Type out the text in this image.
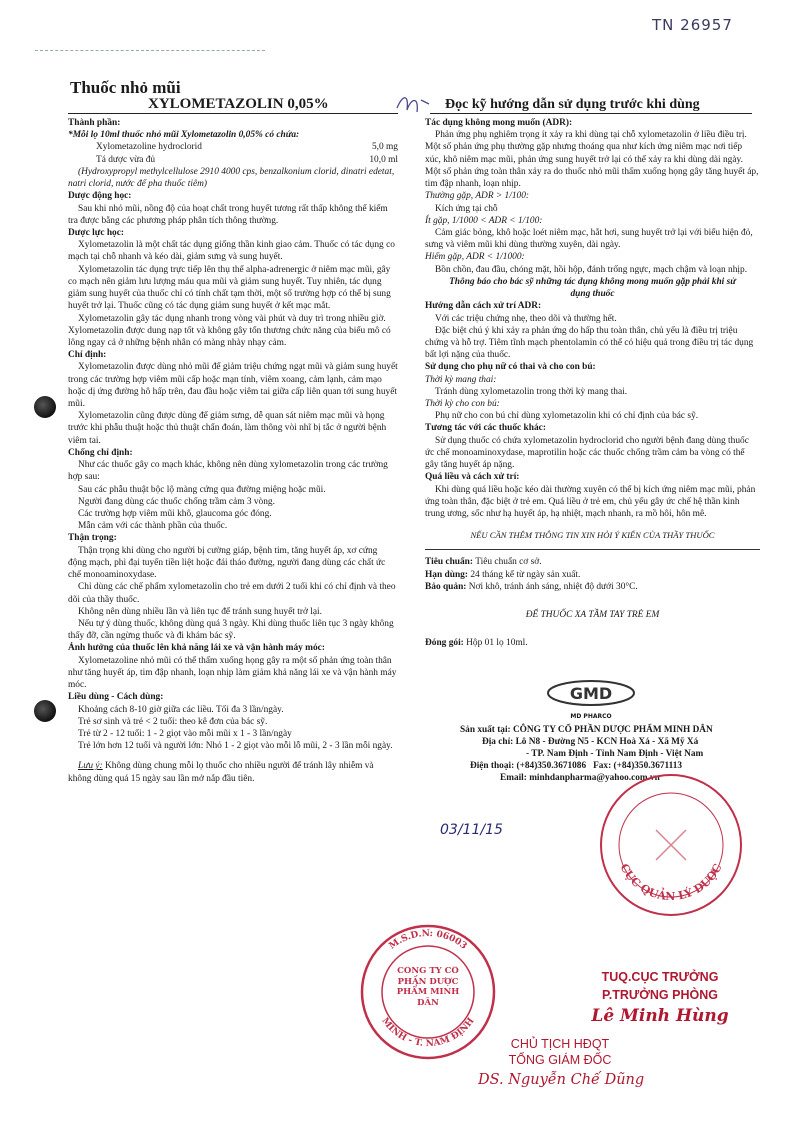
TN 26957
Thuốc nhỏ mũi
XYLOMETAZOLIN 0,05%	Đọc kỹ hướng dẫn sử dụng trước khi dùng

Thành phần:

*Mỗi lọ 10ml thuốc nhỏ mũi Xylometazolin 0,05% có chứa:

Xylometazoline hydroclorid	5,0 mg
Tá dược vừa đủ	10,0 ml

(Hydroxypropyl methylcellulose 2910 4000 cps, benzalkonium clorid, dinatri edetat, natri clorid, nước để pha thuốc tiêm)

Dược động học:

Sau khi nhỏ mũi, nồng độ của hoạt chất trong huyết tương rất thấp không thể kiểm tra được bằng các phương pháp phân tích thông thường.

Dược lực học:

Xylometazolin là một chất tác dụng giống thần kinh giao cảm. Thuốc có tác dụng co mạch tại chỗ nhanh và kéo dài, giảm sưng và sung huyết.

Xylometazolin tác dụng trực tiếp lên thụ thể alpha-adrenergic ở niêm mạc mũi, gây co mạch nên giảm lưu lượng máu qua mũi và giảm sung huyết. Tuy nhiên, tác dụng giảm sung huyết của thuốc chỉ có tính chất tạm thời, một số trường hợp có thể bị sung huyết trở lại. Thuốc cũng có tác dụng giảm sung huyết ở kết mạc mắt.

Xylometazolin gây tác dụng nhanh trong vòng vài phút và duy trì trong nhiều giờ. Xylometazolin được dung nạp tốt và không gây tổn thương chức năng của biểu mô có lông ngay cả ở những bệnh nhân có màng nhày nhạy cảm.

Chỉ định:

Xylometazolin được dùng nhỏ mũi để giảm triệu chứng ngạt mũi và giảm sung huyết trong các trường hợp viêm mũi cấp hoặc mạn tính, viêm xoang, cảm lạnh, cảm mạo hoặc dị ứng đường hô hấp trên, đau đầu hoặc viêm tai giữa cấp liên quan tới sung huyết mũi.

Xylometazolin cũng được dùng để giảm sưng, dễ quan sát niêm mạc mũi và họng trước khi phẫu thuật hoặc thủ thuật chẩn đoán, làm thông vòi nhĩ bị tắc ở người bệnh viêm tai.

Chống chỉ định:

Như các thuốc gây co mạch khác, không nên dùng xylometazolin trong các trường hợp sau:

Sau các phẫu thuật bộc lộ màng cứng qua đường miệng hoặc mũi.

Người đang dùng các thuốc chống trầm cảm 3 vòng.

Các trường hợp viêm mũi khô, glaucoma góc đóng.

Mẫn cảm với các thành phần của thuốc.

Thận trọng:

Thận trọng khi dùng cho người bị cường giáp, bệnh tim, tăng huyết áp, xơ cứng động mạch, phì đại tuyến tiền liệt hoặc đái tháo đường, người đang dùng các chất ức chế monoaminoxydase.

Chỉ dùng các chế phẩm xylometazolin cho trẻ em dưới 2 tuổi khi có chỉ định và theo dõi của thầy thuốc.

Không nên dùng nhiều lần và liên tục để tránh sung huyết trở lại.

Nếu tự ý dùng thuốc, không dùng quá 3 ngày. Khi dùng thuốc liên tục 3 ngày không thấy đỡ, cần ngừng thuốc và đi khám bác sỹ.

Ảnh hưởng của thuốc lên khả năng lái xe và vận hành máy móc:

Xylometazoline nhỏ mũi có thể thấm xuống họng gây ra một số phản ứng toàn thân như tăng huyết áp, tim đập nhanh, loạn nhịp làm giảm khả năng lái xe và vận hành máy móc.

Liều dùng - Cách dùng:

Khoảng cách 8-10 giờ giữa các liều. Tối đa 3 lần/ngày.

Trẻ sơ sinh và trẻ < 2 tuổi: theo kê đơn của bác sỹ.

Trẻ từ 2 - 12 tuổi: 1 - 2 giọt vào mỗi mũi x 1 - 3 lần/ngày

Trẻ lớn hơn 12 tuổi và người lớn: Nhỏ 1 - 2 giọt vào mỗi lỗ mũi, 2 - 3 lần mỗi ngày.

Lưu ý: Không dùng chung mỗi lọ thuốc cho nhiều người để tránh lây nhiễm và không dùng quá 15 ngày sau lần mở nắp đầu tiên.

Tác dụng không mong muốn (ADR):

Phản ứng phụ nghiêm trọng ít xảy ra khi dùng tại chỗ xylometazolin ở liều điều trị. Một số phản ứng phụ thường gặp nhưng thoáng qua như kích ứng niêm mạc nơi tiếp xúc, khô niêm mạc mũi, phản ứng sung huyết trở lại có thể xảy ra khi dùng dài ngày. Một số phản ứng toàn thân xảy ra do thuốc nhỏ mũi thấm xuống họng gây tăng huyết áp, tim đập nhanh, loạn nhịp.

Thường gặp, ADR > 1/100:

Kích ứng tại chỗ

Ít gặp, 1/1000 < ADR < 1/100:

Cảm giác bỏng, khô hoặc loét niêm mạc, hắt hơi, sung huyết trở lại với biểu hiện đỏ, sưng và viêm mũi khi dùng thường xuyên, dài ngày.

Hiếm gặp, ADR < 1/1000:

Bồn chồn, đau đầu, chóng mặt, hồi hộp, đánh trống ngực, mạch chậm và loạn nhịp.

Thông báo cho bác sỹ những tác dụng không mong muốn gặp phải khi sử dụng thuốc

Hướng dẫn cách xử trí ADR:

Với các triệu chứng nhẹ, theo dõi và thường hết.

Đặc biệt chú ý khi xảy ra phản ứng do hấp thu toàn thân, chủ yếu là điều trị triệu chứng và hỗ trợ. Tiêm tĩnh mạch phentolamin có thể có hiệu quả trong điều trị tác dụng bất lợi nặng của thuốc.

Sử dụng cho phụ nữ có thai và cho con bú:

Thời kỳ mang thai:

Tránh dùng xylometazolin trong thời kỳ mang thai.

Thời kỳ cho con bú:

Phụ nữ cho con bú chỉ dùng xylometazolin khi có chỉ định của bác sỹ.

Tương tác với các thuốc khác:

Sử dụng thuốc có chứa xylometazolin hydroclorid cho người bệnh đang dùng thuốc ức chế monoaminoxydase, maprotilin hoặc các thuốc chống trầm cảm ba vòng có thể gây tăng huyết áp nặng.

Quá liều và cách xử trí:

Khi dùng quá liều hoặc kéo dài thường xuyên có thể bị kích ứng niêm mạc mũi, phản ứng toàn thân, đặc biệt ở trẻ em. Quá liều ở trẻ em, chủ yếu gây ức chế hệ thần kinh trung ương, sốc như hạ huyết áp, hạ nhiệt, mạch nhanh, ra mồ hôi, hôn mê.

NẾU CẦN THÊM THÔNG TIN XIN HỎI Ý KIẾN CỦA THẦY THUỐC

Tiêu chuẩn: Tiêu chuẩn cơ sở.

Hạn dùng: 24 tháng kể từ ngày sản xuất.

Bảo quản: Nơi khô, tránh ánh sáng, nhiệt độ dưới 30°C.

ĐỂ THUỐC XA TẦM TAY TRẺ EM

Đóng gói: Hộp 01 lọ 10ml.

GMD
MD PHARCO

Sản xuất tại: CÔNG TY CỔ PHẦN DƯỢC PHẨM MINH DÂN

Địa chỉ: Lô N8 - Đường N5 - KCN Hoà Xá - Xã Mỹ Xá

- TP. Nam Định - Tỉnh Nam Định - Việt Nam

Điện thoại: (+84)350.3671086 Fax: (+84)350.3671113

Email: minhdanpharma@yahoo.com.vn

03/11/15
CỤC QUẢN LÝ DƯỢC
M.S.D.N: 06003
MINH - T. NAM ĐỊNH
CÔNG TY CỔ PHẦN DƯỢC PHẨM MINH DÂN
TUQ.CỤC TRƯỞNG
P.TRƯỞNG PHÒNG
Lê Minh Hùng
CHỦ TỊCH HĐQT
TỔNG GIÁM ĐỐC
DS. Nguyễn Chế Dũng
